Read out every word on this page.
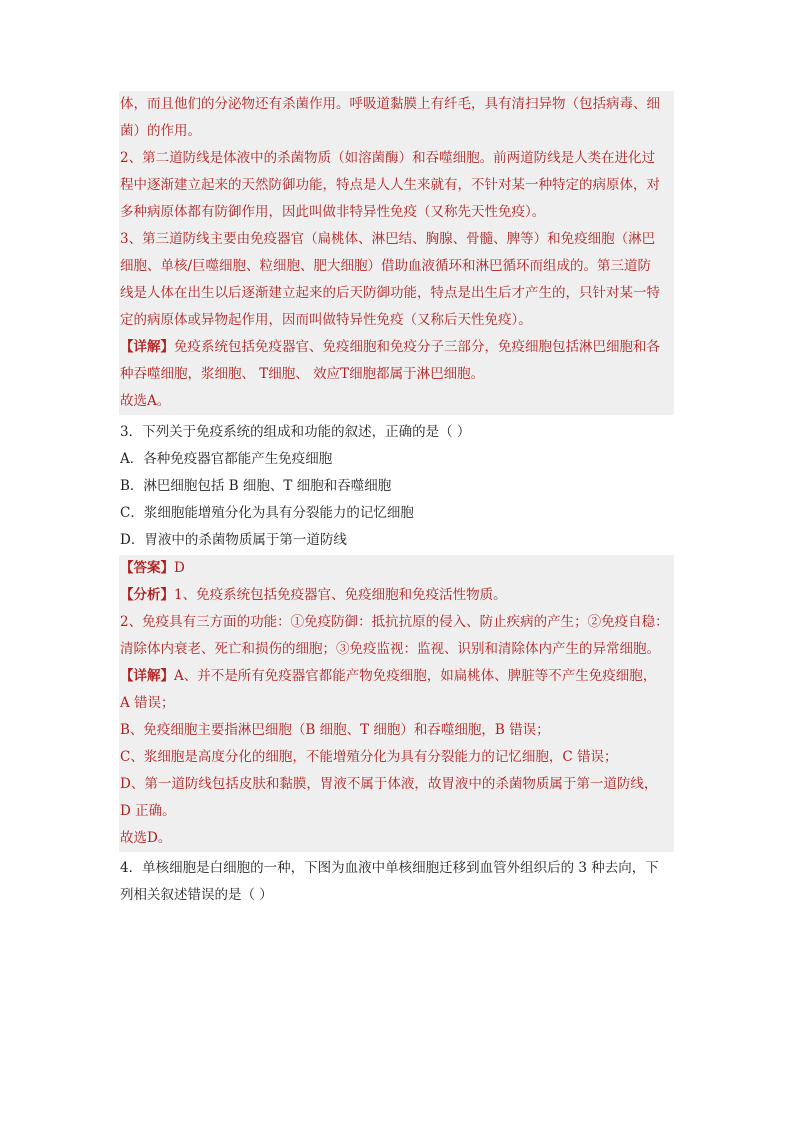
体，而且他们的分泌物还有杀菌作用。呼吸道黏膜上有纤毛，具有清扫异物（包括病毒、细
菌）的作用。
2、第二道防线是体液中的杀菌物质（如溶菌酶）和吞噬细胞。前两道防线是人类在进化过
程中逐渐建立起来的天然防御功能，特点是人人生来就有，不针对某一种特定的病原体，对
多种病原体都有防御作用，因此叫做非特异性免疫（又称先天性免疫）。
3、第三道防线主要由免疫器官（扁桃体、淋巴结、胸腺、骨髓、脾等）和免疫细胞（淋巴
细胞、单核/巨噬细胞、粒细胞、肥大细胞）借助血液循环和淋巴循环而组成的。第三道防
线是人体在出生以后逐渐建立起来的后天防御功能，特点是出生后才产生的，只针对某一特
定的病原体或异物起作用，因而叫做特异性免疫（又称后天性免疫）。
【详解】免疫系统包括免疫器官、免疫细胞和免疫分子三部分，免疫细胞包括淋巴细胞和各
种吞噬细胞，浆细胞、 T细胞、 效应T细胞都属于淋巴细胞。
故选A。
3．下列关于免疫系统的组成和功能的叙述，正确的是（ ）
A．各种免疫器官都能产生免疫细胞
B．淋巴细胞包括 B 细胞、T 细胞和吞噬细胞
C．浆细胞能增殖分化为具有分裂能力的记忆细胞
D．胃液中的杀菌物质属于第一道防线
【答案】D
【分析】1、免疫系统包括免疫器官、免疫细胞和免疫活性物质。
2、免疫具有三方面的功能：①免疫防御：抵抗抗原的侵入、防止疾病的产生；②免疫自稳：
清除体内衰老、死亡和损伤的细胞；③免疫监视：监视、识别和清除体内产生的异常细胞。
【详解】A、并不是所有免疫器官都能产物免疫细胞，如扁桃体、脾脏等不产生免疫细胞，
A 错误；
B、免疫细胞主要指淋巴细胞（B 细胞、T 细胞）和吞噬细胞，B 错误；
C、浆细胞是高度分化的细胞，不能增殖分化为具有分裂能力的记忆细胞，C 错误；
D、第一道防线包括皮肤和黏膜，胃液不属于体液，故胃液中的杀菌物质属于第一道防线，
D 正确。
故选D。
4．单核细胞是白细胞的一种，下图为血液中单核细胞迁移到血管外组织后的 3 种去向，下
列相关叙述错误的是（ ）
